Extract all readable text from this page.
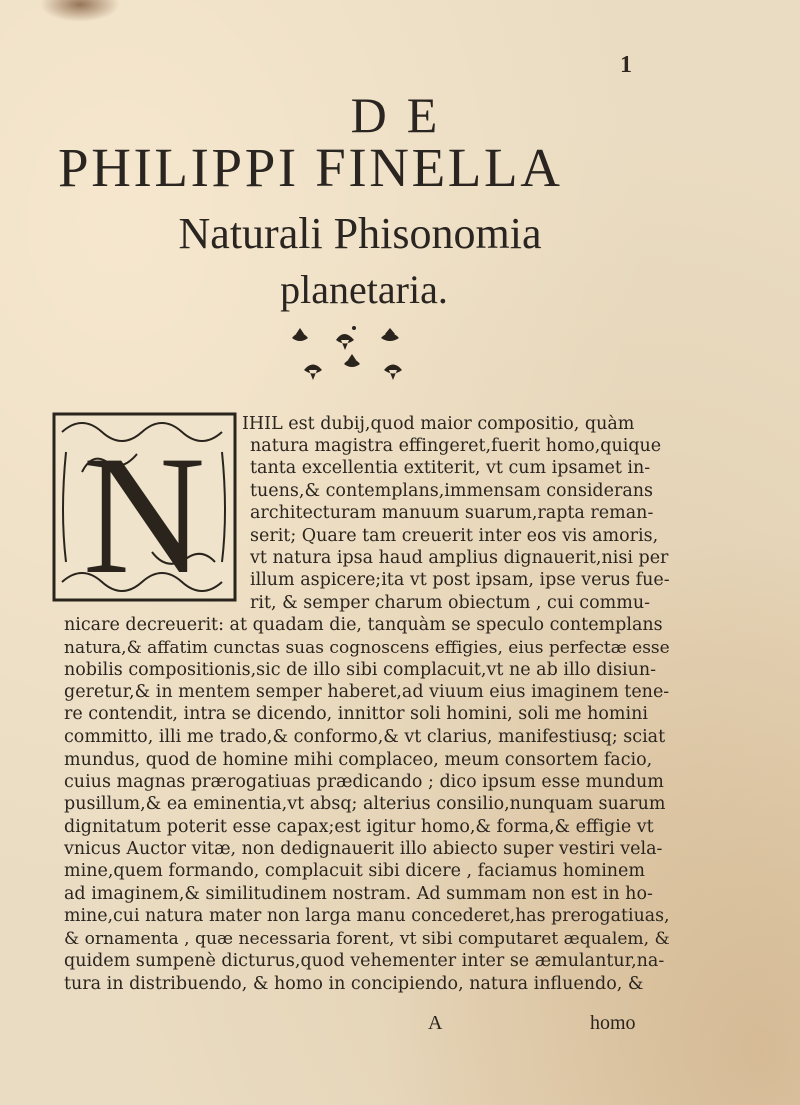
1
DE
PHILIPPI FINELLA
Naturali Phisonomia
planetaria.
N IHIL est dubij,quod maior compositio, quàm
natura magistra effingeret,fuerit homo,quique
tanta excellentia extiterit, vt cum ipsamet in-
tuens,& contemplans,immensam considerans
architecturam manuum suarum,rapta reman-
serit; Quare tam creuerit inter eos vis amoris,
vt natura ipsa haud amplius dignauerit,nisi per
illum aspicere;ita vt post ipsam, ipse verus fue-
rit, & semper charum obiectum , cui commu-
nicare decreuerit: at quadam die, tanquàm se speculo contemplans
natura,& affatim cunctas suas cognoscens effigies, eius perfectæ esse
nobilis compositionis,sic de illo sibi complacuit,vt ne ab illo disiun-
geretur,& in mentem semper haberet,ad viuum eius imaginem tene-
re contendit, intra se dicendo, innittor soli homini, soli me homini
committo, illi me trado,& conformo,& vt clarius, manifestiusq; sciat
mundus, quod de homine mihi complaceo, meum consortem facio,
cuius magnas prærogatiuas prædicando ; dico ipsum esse mundum
pusillum,& ea eminentia,vt absq; alterius consilio,nunquam suarum
dignitatum poterit esse capax;est igitur homo,& forma,& effigie vt
vnicus Auctor vitæ, non dedignauerit illo abiecto super vestiri vela-
mine,quem formando, complacuit sibi dicere , faciamus hominem
ad imaginem,& similitudinem nostram. Ad summam non est in ho-
mine,cui natura mater non larga manu concederet,has prerogatiuas,
& ornamenta , quæ necessaria forent, vt sibi computaret æqualem, &
quidem sumpenè dicturus,quod vehementer inter se æmulantur,na-
tura in distribuendo, & homo in concipiendo, natura influendo, &
A	homo
